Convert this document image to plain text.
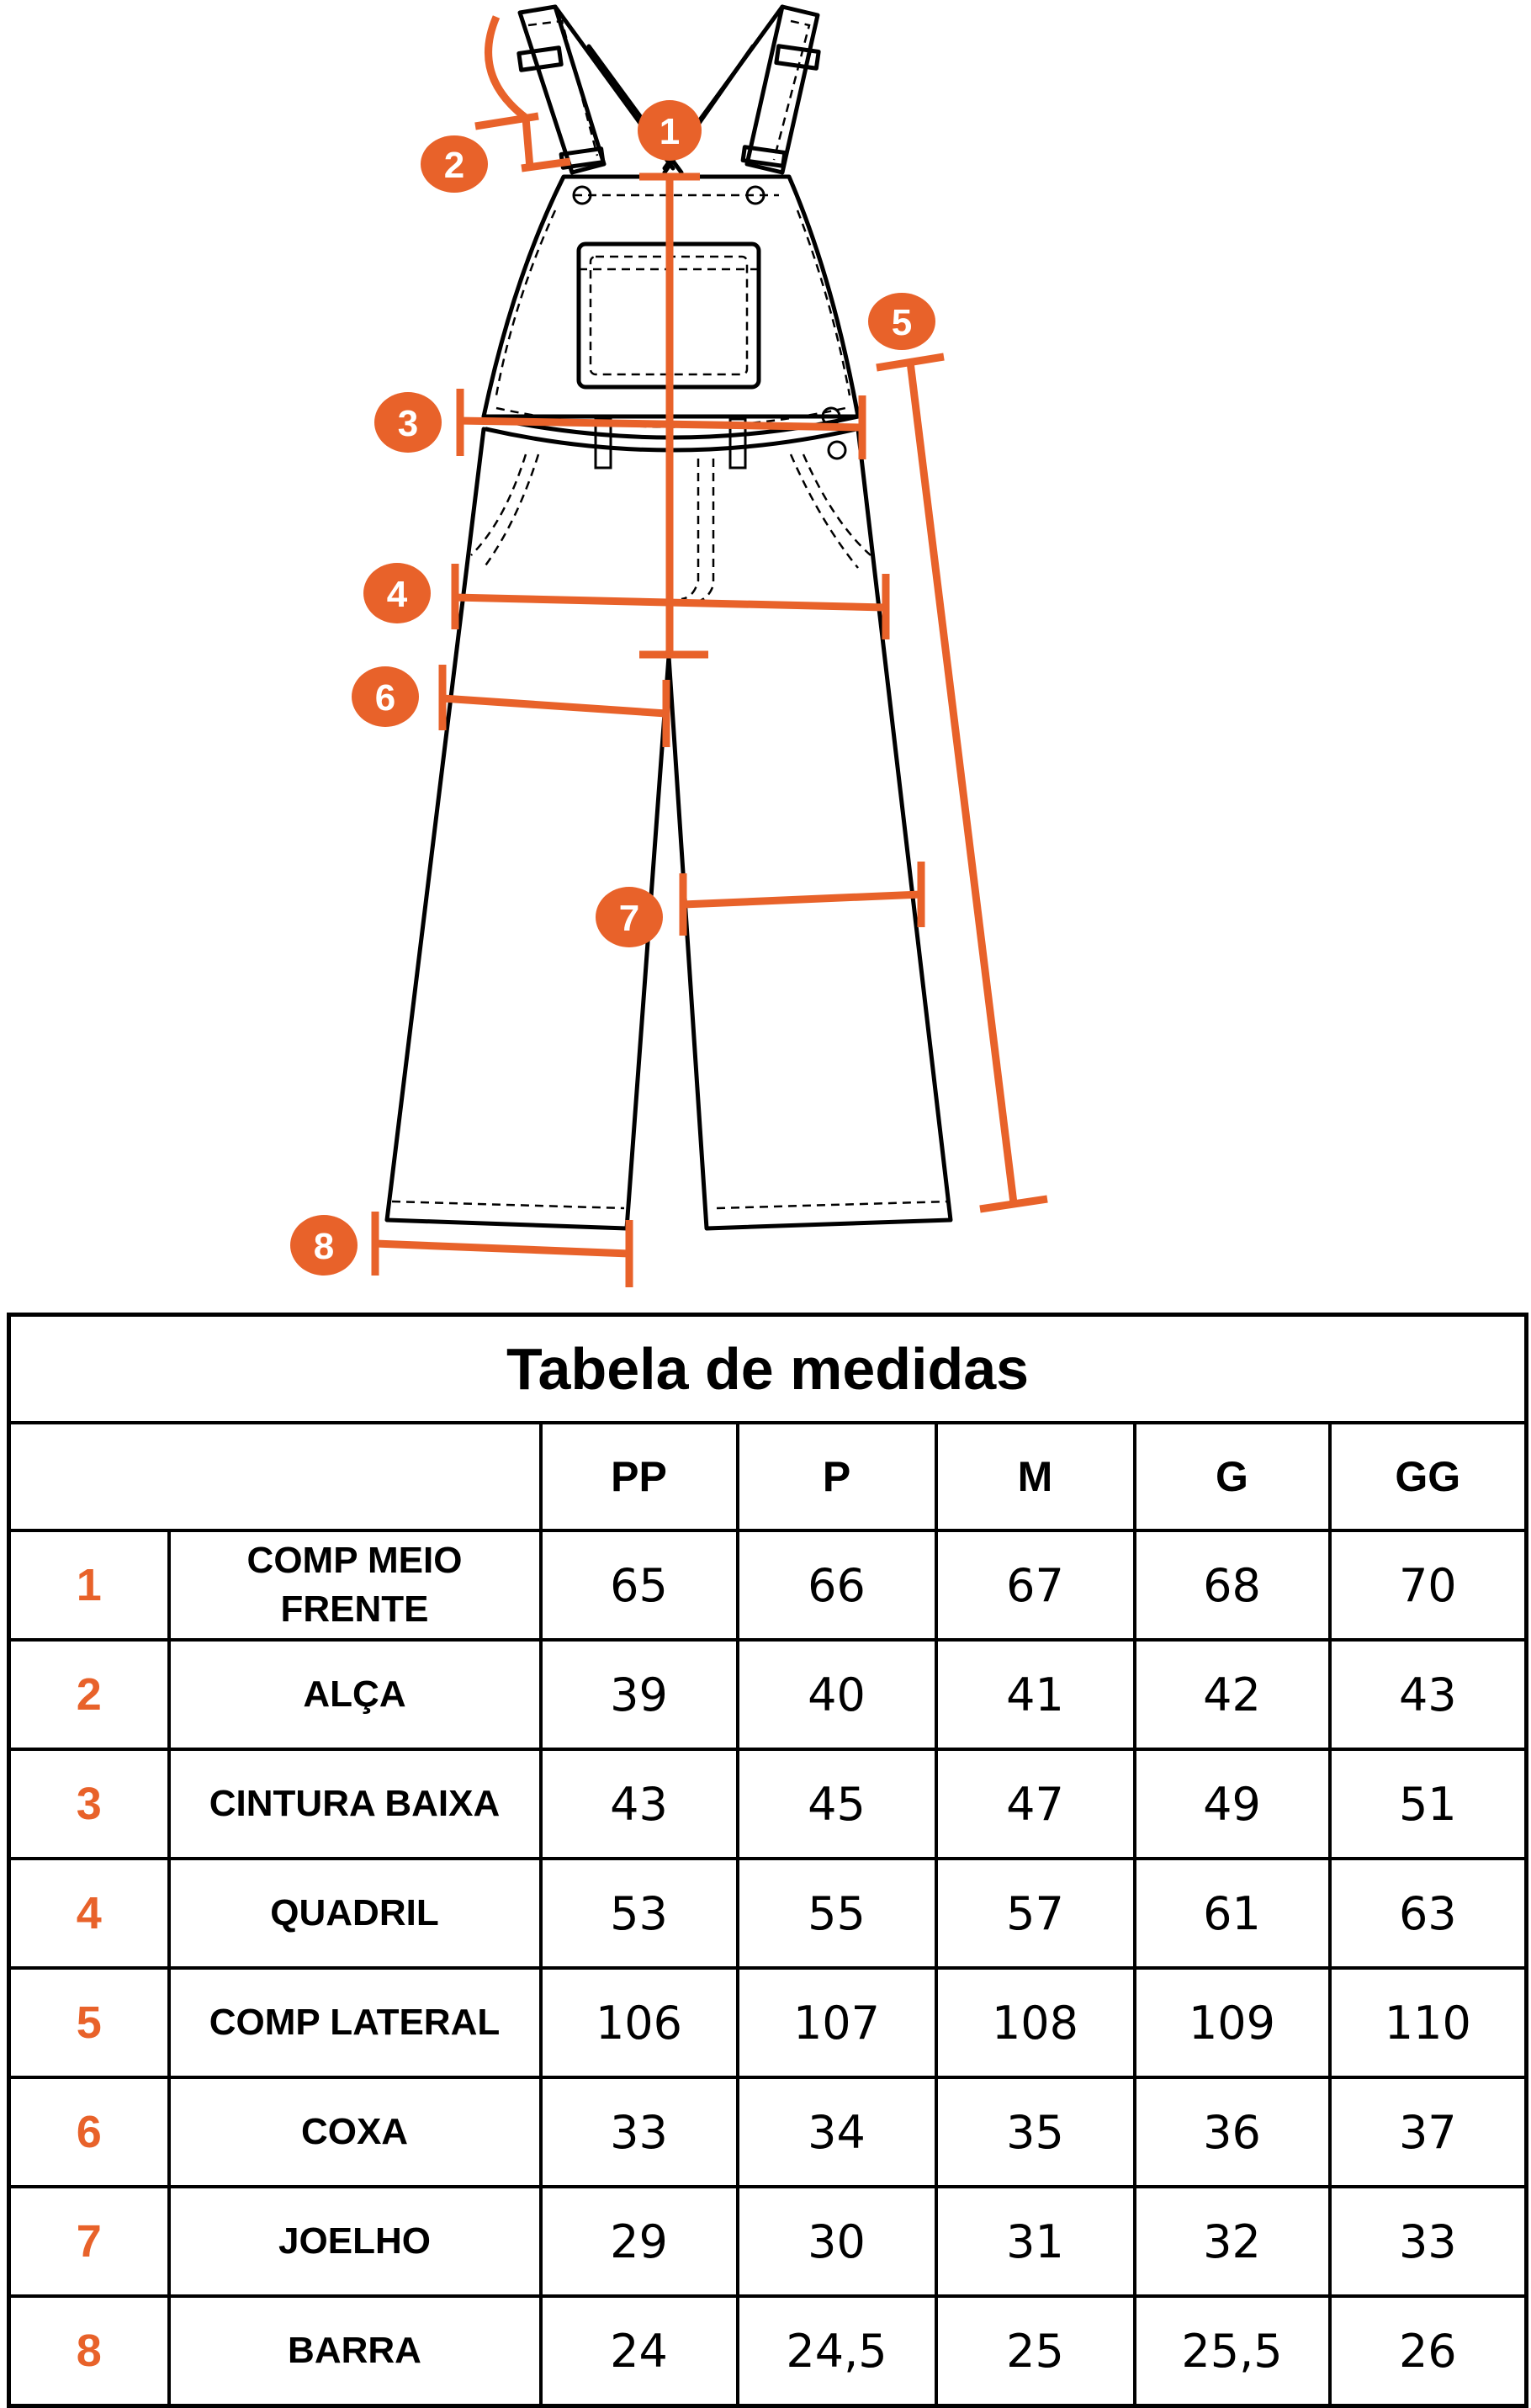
1
2
3
4
5
6
7
8
Tabela de medidas						
		PP	P	M	G	GG
1	COMP MEIO FRENTE	65	66	67	68	70
2	ALÇA	39	40	41	42	43
3	CINTURA BAIXA	43	45	47	49	51
4	QUADRIL	53	55	57	61	63
5	COMP LATERAL	106	107	108	109	110
6	COXA	33	34	35	36	37
7	JOELHO	29	30	31	32	33
8	BARRA	24	24,5	25	25,5	26
